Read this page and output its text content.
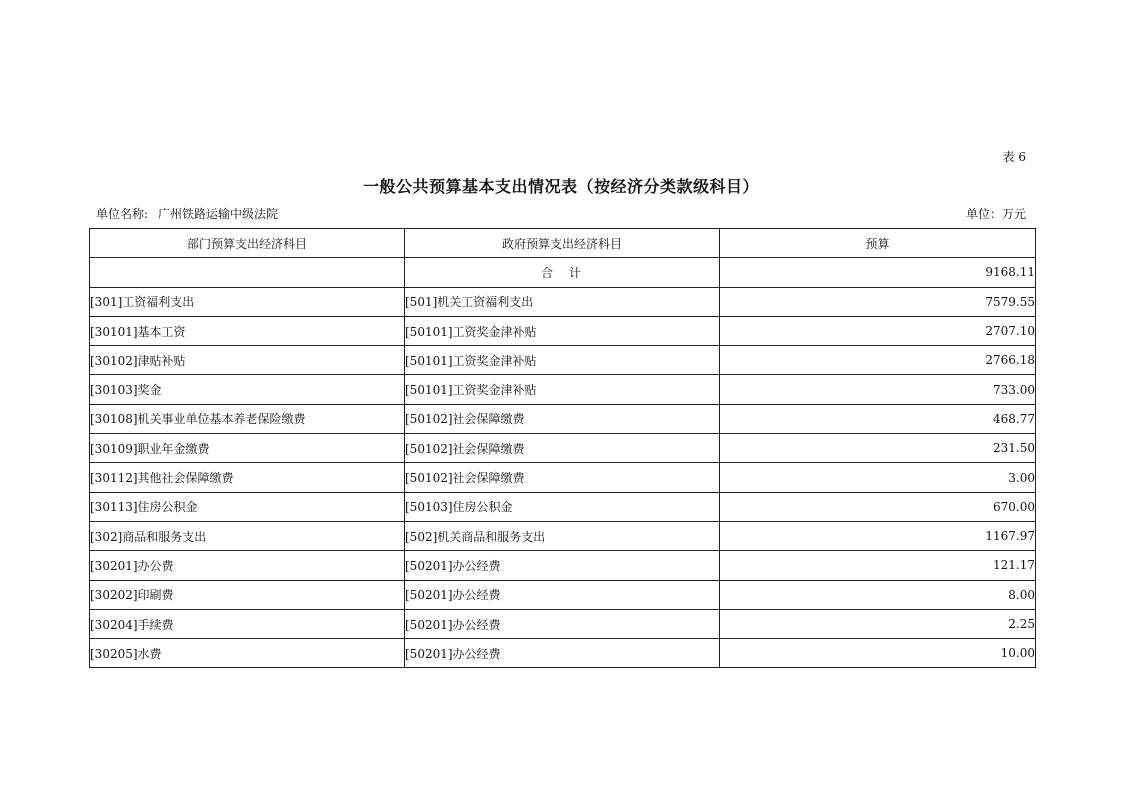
表 6
一般公共预算基本支出情况表（按经济分类款级科目）
单位名称: 广州铁路运输中级法院	单位：万元
部门预算支出经济科目	政府预算支出经济科目	预算
	合　计	9168.11
[301]工资福利支出	[501]机关工资福利支出	7579.55
[30101]基本工资	[50101]工资奖金津补贴	2707.10
[30102]津贴补贴	[50101]工资奖金津补贴	2766.18
[30103]奖金	[50101]工资奖金津补贴	733.00
[30108]机关事业单位基本养老保险缴费	[50102]社会保障缴费	468.77
[30109]职业年金缴费	[50102]社会保障缴费	231.50
[30112]其他社会保障缴费	[50102]社会保障缴费	3.00
[30113]住房公积金	[50103]住房公积金	670.00
[302]商品和服务支出	[502]机关商品和服务支出	1167.97
[30201]办公费	[50201]办公经费	121.17
[30202]印刷费	[50201]办公经费	8.00
[30204]手续费	[50201]办公经费	2.25
[30205]水费	[50201]办公经费	10.00
